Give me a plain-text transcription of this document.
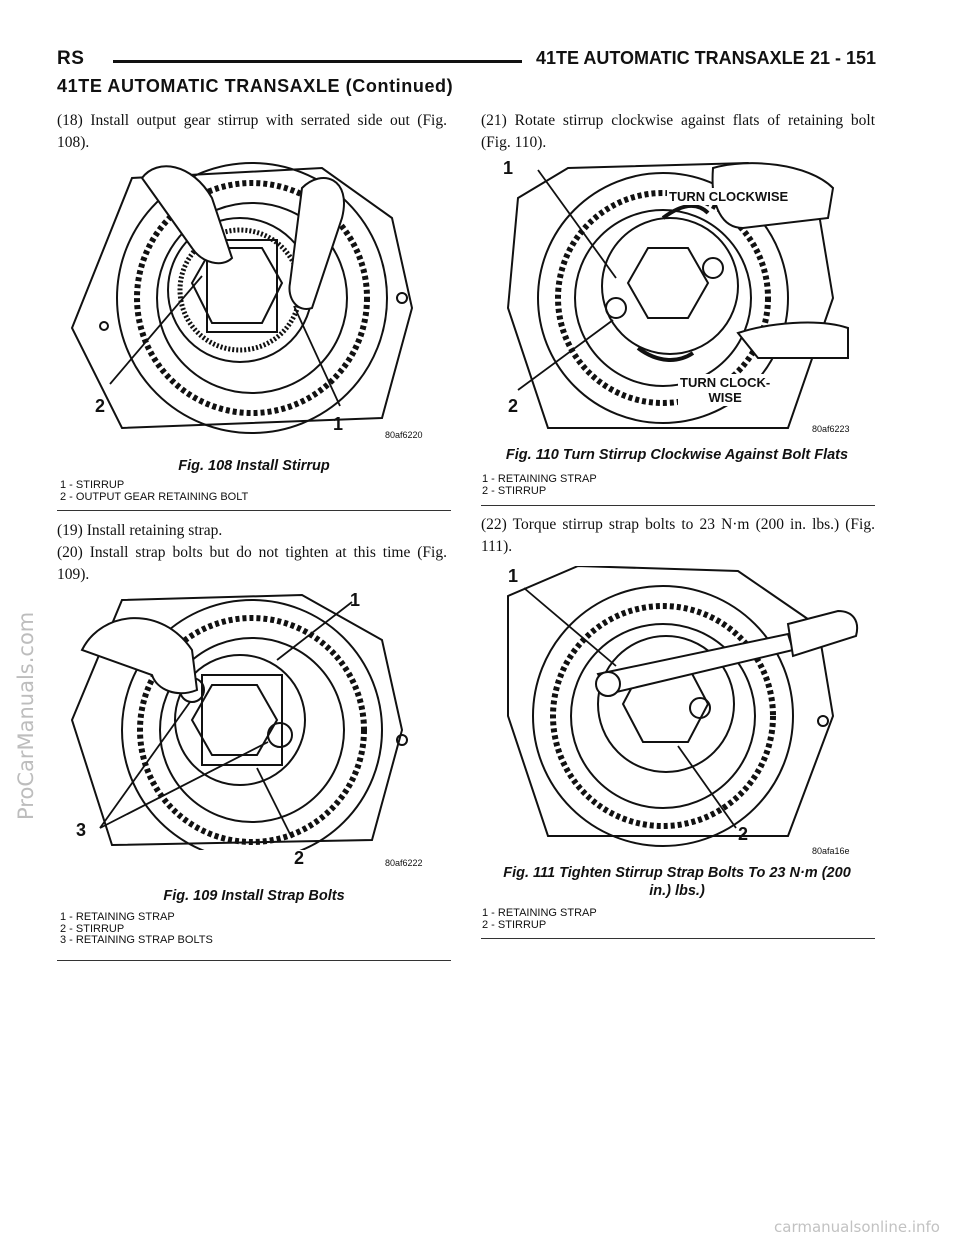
RS	41TE AUTOMATIC TRANSAXLE 21 - 151
41TE AUTOMATIC TRANSAXLE (Continued)

(18) Install output gear stirrup with serrated side out (Fig. 108).

2
1
80af6220
Fig. 108 Install Stirrup
1 - STIRRUP
2 - OUTPUT GEAR RETAINING BOLT

(19) Install retaining strap.

(20) Install strap bolts but do not tighten at this time (Fig. 109).

1
2
3
80af6222
Fig. 109 Install Strap Bolts
1 - RETAINING STRAP
2 - STIRRUP
3 - RETAINING STRAP BOLTS

(21) Rotate stirrup clockwise against flats of retaining bolt (Fig. 110).

1
2
TURN CLOCKWISE
TURN CLOCK-
WISE
80af6223
Fig. 110 Turn Stirrup Clockwise Against Bolt Flats
1 - RETAINING STRAP
2 - STIRRUP

(22) Torque stirrup strap bolts to 23 N·m (200 in. lbs.) (Fig. 111).

1
2
80afa16e
Fig. 111 Tighten Stirrup Strap Bolts To 23 N·m (200
in.) lbs.)
1 - RETAINING STRAP
2 - STIRRUP
ProCarManuals.com
carmanualsonline.info
